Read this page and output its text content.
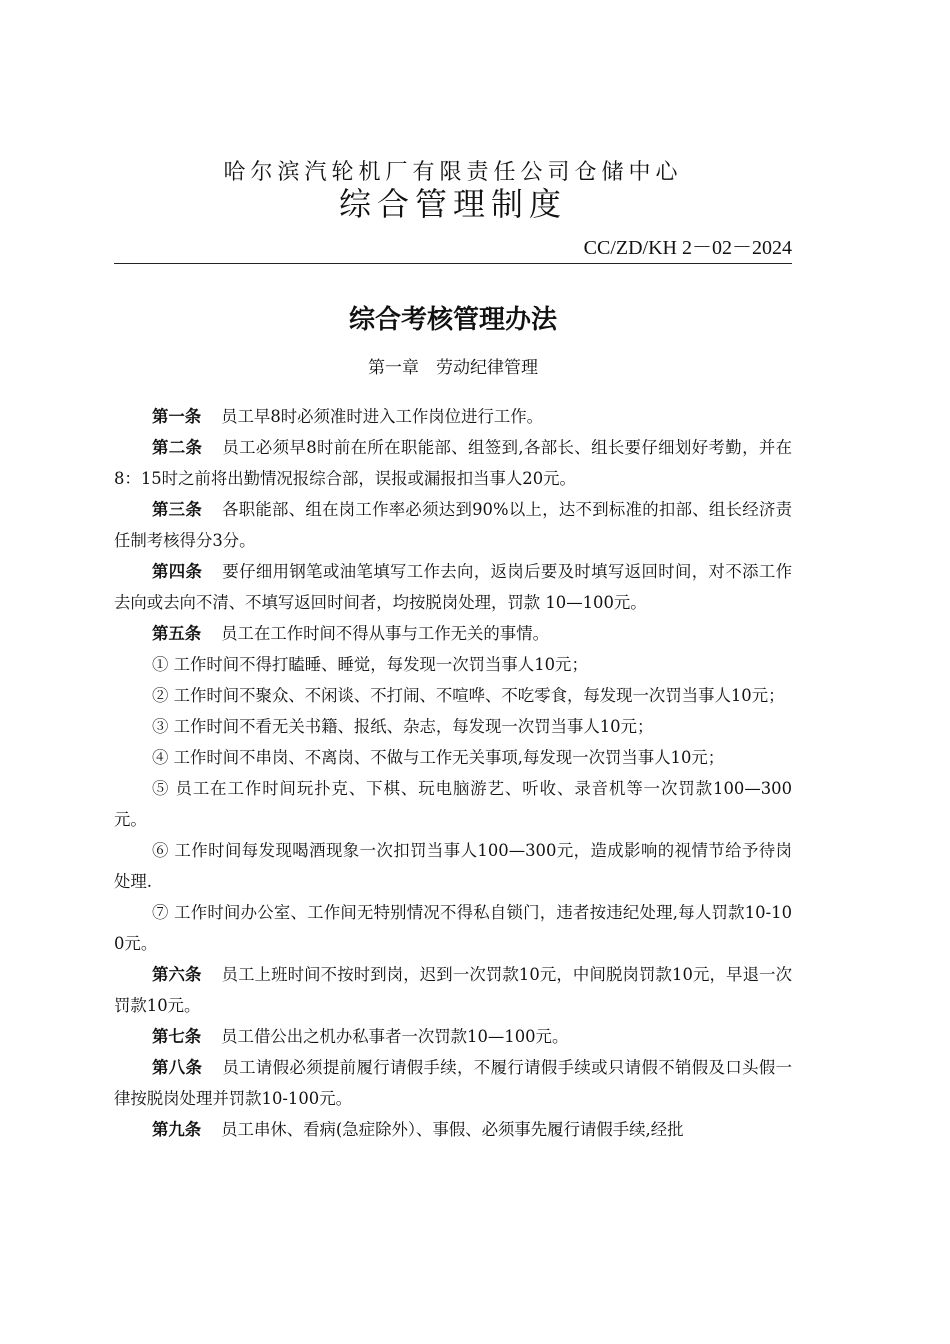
哈尔滨汽轮机厂有限责任公司仓储中心
综合管理制度
CC/ZD/KH 2－02－2024
综合考核管理办法
第一章　劳动纪律管理

第一条 员工早8时必须准时进入工作岗位进行工作。

第二条 员工必须早8时前在所在职能部、组签到,各部长、组长要仔细划好考勤，并在8：15时之前将出勤情况报综合部，误报或漏报扣当事人20元。

第三条 各职能部、组在岗工作率必须达到90%以上，达不到标准的扣部、组长经济责任制考核得分3分。

第四条 要仔细用钢笔或油笔填写工作去向，返岗后要及时填写返回时间，对不添工作去向或去向不清、不填写返回时间者，均按脱岗处理，罚款 10—100元。

第五条 员工在工作时间不得从事与工作无关的事情。

① 工作时间不得打瞌睡、睡觉，每发现一次罚当事人10元；

② 工作时间不聚众、不闲谈、不打闹、不喧哗、不吃零食，每发现一次罚当事人10元；

③ 工作时间不看无关书籍、报纸、杂志，每发现一次罚当事人10元；

④ 工作时间不串岗、不离岗、不做与工作无关事项,每发现一次罚当事人10元；

⑤ 员工在工作时间玩扑克、下棋、玩电脑游艺、听收、录音机等一次罚款100—300元。

⑥ 工作时间每发现喝酒现象一次扣罚当事人100—300元，造成影响的视情节给予待岗处理.

⑦ 工作时间办公室、工作间无特别情况不得私自锁门，违者按违纪处理,每人罚款10-100元。

第六条 员工上班时间不按时到岗，迟到一次罚款10元，中间脱岗罚款10元，早退一次罚款10元。

第七条 员工借公出之机办私事者一次罚款10—100元。

第八条 员工请假必须提前履行请假手续，不履行请假手续或只请假不销假及口头假一律按脱岗处理并罚款10-100元。

第九条 员工串休、看病(急症除外）、事假、必须事先履行请假手续,经批
